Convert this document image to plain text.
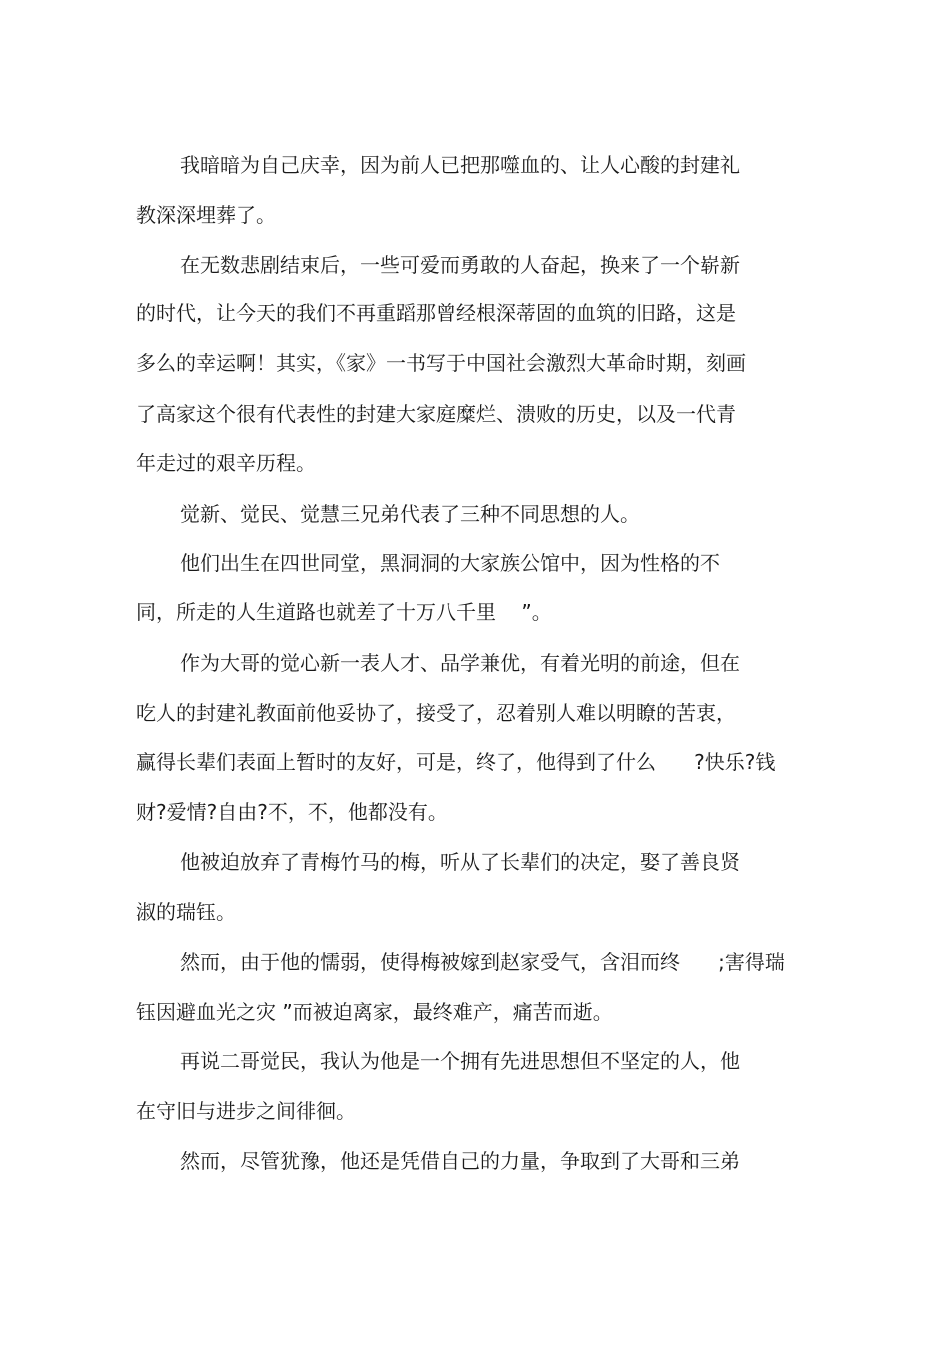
我暗暗为自己庆幸，因为前人已把那噬血的、让人心酸的封建礼

教深深埋葬了。

在无数悲剧结束后，一些可爱而勇敢的人奋起，换来了一个崭新

的时代，让今天的我们不再重蹈那曾经根深蒂固的血筑的旧路，这是

多么的幸运啊！其实，《家》一书写于中国社会激烈大革命时期，刻画

了高家这个很有代表性的封建大家庭糜烂、溃败的历史，以及一代青

年走过的艰辛历程。

觉新、觉民、觉慧三兄弟代表了三种不同思想的人。

他们出生在四世同堂，黑洞洞的大家族公馆中，因为性格的不

同，所走的人生道路也就差了十万八千里    ”。

作为大哥的觉心新一表人才、品学兼优，有着光明的前途，但在

吃人的封建礼教面前他妥协了，接受了，忍着别人难以明瞭的苦衷，

赢得长辈们表面上暂时的友好，可是，终了，他得到了什么      ?快乐?钱

财?爱情?自由?不，不，他都没有。

他被迫放弃了青梅竹马的梅，听从了长辈们的决定，娶了善良贤

淑的瑞钰。

然而，由于他的懦弱，使得梅被嫁到赵家受气，含泪而终      ;害得瑞

钰因避血光之灾 ”而被迫离家，最终难产，痛苦而逝。

再说二哥觉民，我认为他是一个拥有先进思想但不坚定的人，他

在守旧与进步之间徘徊。

然而，尽管犹豫，他还是凭借自己的力量，争取到了大哥和三弟
